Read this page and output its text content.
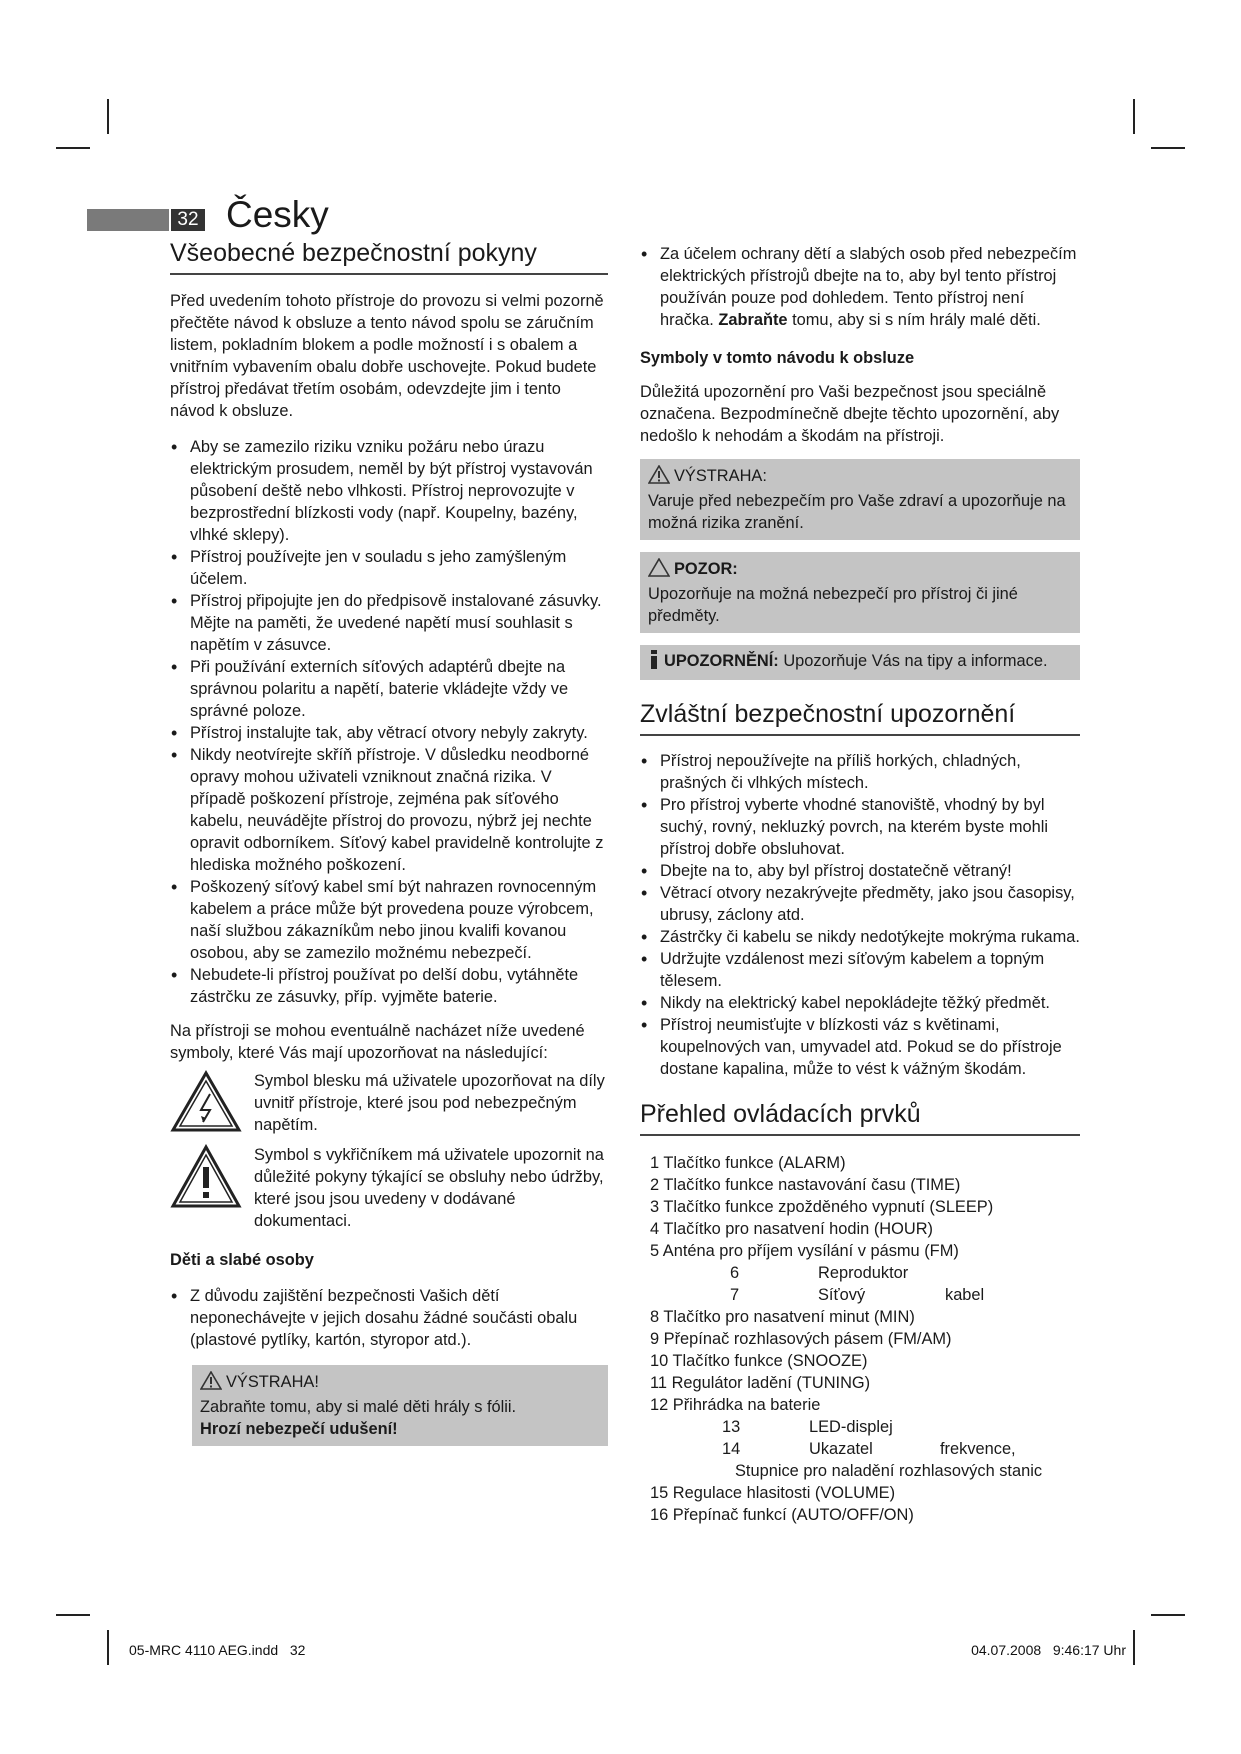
32 Česky
Všeobecné bezpečnostní pokyny

Před uvedením tohoto přístroje do provozu si velmi pozorně přečtěte návod k obsluze a tento návod spolu se záručním listem, pokladním blokem a podle možností i s obalem a vnitřním vybavením obalu dobře uschovejte. Pokud budete přístroj předávat třetím osobám, odevzdejte jim i tento návod k obsluze.

• Aby se zamezilo riziku vzniku požáru nebo úrazu elektrickým prosudem, neměl by být přístroj vystavován působení deště nebo vlhkosti. Přístroj neprovozujte v bezprostřední blízkosti vody (např. Koupelny, bazény, vlhké sklepy).
• Přístroj používejte jen v souladu s jeho zamýšleným účelem.
• Přístroj připojujte jen do předpisově instalované zásuvky. Mějte na paměti, že uvedené napětí musí souhlasit s napětím v zásuvce.
• Při používání externích síťových adaptérů dbejte na správnou polaritu a napětí, baterie vkládejte vždy ve správné poloze.
• Přístroj instalujte tak, aby větrací otvory nebyly zakryty.
• Nikdy neotvírejte skříň přístroje. V důsledku neodborné opravy mohou uživateli vzniknout značná rizika. V případě poškození přístroje, zejména pak síťového kabelu, neuvádějte přístroj do provozu, nýbrž jej nechte opravit odborníkem. Síťový kabel pravidelně kontrolujte z hlediska možného poškození.
• Poškozený síťový kabel smí být nahrazen rovnocenným kabelem a práce může být provedena pouze výrobcem, naší službou zákazníkům nebo jinou kvalifi kovanou osobou, aby se zamezilo možnému nebezpečí.
• Nebudete-li přístroj používat po delší dobu, vytáhněte zástrčku ze zásuvky, příp. vyjměte baterie.

Na přístroji se mohou eventuálně nacházet níže uvedené symboly, které Vás mají upozorňovat na následující:

Symbol blesku má uživatele upozorňovat na díly uvnitř přístroje, které jsou pod nebezpečným napětím.

Symbol s vykřičníkem má uživatele upozornit na důležité pokyny týkající se obsluhy nebo údržby, které jsou jsou uvedeny v dodávané dokumentaci.

Děti a slabé osoby

• Z důvodu zajištění bezpečnosti Vašich dětí neponechávejte v jejich dosahu žádné součásti obalu (plastové pytlíky, kartón, styropor atd.).
VÝSTRAHA!

Zabraňte tomu, aby si malé děti hrály s fólii.

Hrozí nebezpečí udušení!

• Za účelem ochrany dětí a slabých osob před nebezpečím elektrických přístrojů dbejte na to, aby byl tento přístroj používán pouze pod dohledem. Tento přístroj není hračka. Zabraňte tomu, aby si s ním hrály malé děti.

Symboly v tomto návodu k obsluze

Důležitá upozornění pro Vaši bezpečnost jsou speciálně označena. Bezpodmínečně dbejte těchto upozornění, aby nedošlo k nehodám a škodám na přístroji.

VÝSTRAHA:

Varuje před nebezpečím pro Vaše zdraví a upozorňuje na možná rizika zranění.

POZOR:

Upozorňuje na možná nebezpečí pro přístroj či jiné předměty.

UPOZORNĚNÍ: Upozorňuje Vás na tipy a informace.
Zvláštní bezpečnostní upozornění
• Přístroj nepoužívejte na příliš horkých, chladných, prašných či vlhkých místech.
• Pro přístroj vyberte vhodné stanoviště, vhodný by byl suchý, rovný, nekluzký povrch, na kterém byste mohli přístroj dobře obsluhovat.
• Dbejte na to, aby byl přístroj dostatečně větraný!
• Větrací otvory nezakrývejte předměty, jako jsou časopisy, ubrusy, záclony atd.
• Zástrčky či kabelu se nikdy nedotýkejte mokrýma rukama.
• Udržujte vzdálenost mezi síťovým kabelem a topným tělesem.
• Nikdy na elektrický kabel nepokládejte těžký předmět.
• Přístroj neumisťujte v blízkosti váz s květinami, koupelnových van, umyvadel atd. Pokud se do přístroje dostane kapalina, může to vést k vážným škodám.
Přehled ovládacích prvků
1 Tlačítko funkce (ALARM)
2 Tlačítko funkce nastavování času (TIME)
3 Tlačítko funkce zpožděného vypnutí (SLEEP)
4 Tlačítko pro nasatvení hodin (HOUR)
5 Anténa pro příjem vysílání v pásmu (FM)
6	Reproduktor
7	Síťový	kabel
8 Tlačítko pro nasatvení minut (MIN)
9 Přepínač rozhlasových pásem (FM/AM)
10 Tlačítko funkce (SNOOZE)
11 Regulátor ladění (TUNING)
12 Přihrádka na baterie
13	LED-displej
14	Ukazatel	frekvence,
Stupnice pro naladění rozhlasových stanic
15 Regulace hlasitosti (VOLUME)
16 Přepínač funkcí (AUTO/OFF/ON)
05-MRC 4110 AEG.indd   32	04.07.2008   9:46:17 Uhr
